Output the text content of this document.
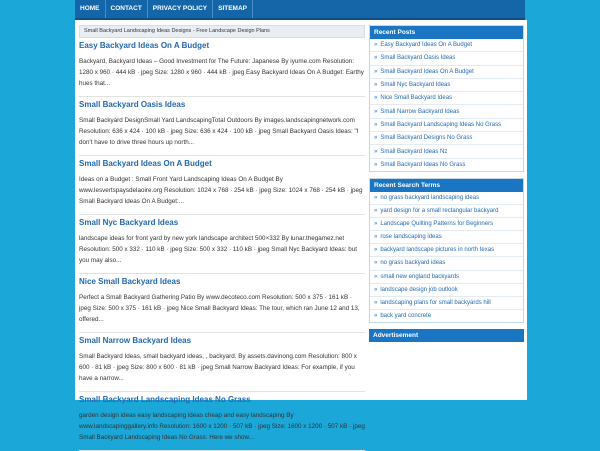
HOME	CONTACT	PRIVACY POLICY	SITEMAP
Small Backyard Landscaping Ideas Designs - Free Landscape Design Plans
Easy Backyard Ideas On A Budget

Backyard, Backyard Ideas – Good Investment for The Future: Japanese By iyume.com Resolution: 1280 x 960 · 444 kB · jpeg Size: 1280 x 960 · 444 kB · jpeg Easy Backyard Ideas On A Budget: Earthy hues that...

Small Backyard Oasis Ideas

Small Backyard DesignSmall Yard LandscapingTotal Outdoors By images.landscapingnetwork.com Resolution: 636 x 424 · 100 kB · jpeg Size: 636 x 424 · 100 kB · jpeg Small Backyard Oasis Ideas: "I don't have to drive three hours up north...

Small Backyard Ideas On A Budget

Ideas on a Budget : Small Front Yard Landscaping Ideas On A Budget By www.lesvertspaysdelaoire.org Resolution: 1024 x 768 · 254 kB · jpeg Size: 1024 x 768 · 254 kB · jpeg Small Backyard Ideas On A Budget:...

Small Nyc Backyard Ideas

landscape ideas for front yard by new york landscape architect 500×332 By lunar.thegamez.net Resolution: 500 x 332 · 110 kB · jpeg Size: 500 x 332 · 110 kB · jpeg Small Nyc Backyard Ideas: but you may also...

Nice Small Backyard Ideas

Perfect a Small Backyard Gathering Patio By www.decoteco.com Resolution: 500 x 375 · 161 kB · jpeg Size: 500 x 375 · 161 kB · jpeg Nice Small Backyard Ideas: The tour, which ran June 12 and 13, offered...

Small Narrow Backyard Ideas

Small Backyard Ideas, small backyard ideas, , backyard. By assets.davinong.com Resolution: 800 x 600 · 81 kB · jpeg Size: 800 x 600 · 81 kB · jpeg Small Narrow Backyard Ideas: For example, if you have a narrow...

Small Backyard Landscaping Ideas No Grass

garden design ideas easy landscaping ideas cheap and easy landscaping By www.landscapinggallery.info Resolution: 1600 x 1200 · 507 kB · jpeg Size: 1600 x 1200 · 507 kB · jpeg Small Backyard Landscaping Ideas No Grass: Here we show...

Recent Posts
» Easy Backyard Ideas On A Budget
» Small Backyard Oasis Ideas
» Small Backyard Ideas On A Budget
» Small Nyc Backyard Ideas
» Nice Small Backyard Ideas
» Small Narrow Backyard Ideas
» Small Backyard Landscaping Ideas No Grass
» Small Backyard Designs No Grass
» Small Backyard Ideas Nz
» Small Backyard Ideas No Grass
Recent Search Terms
» no grass backyard landscaping ideas
» yard design for a small rectangular backyard
» Landscape Quilting Patterns for Beginners
» rose landscaping ideas
» backyard landscape pictures in north texas
» no grass backyard ideas
» small new england backyards
» landscape design job outlook
» landscaping plans for small backyards hill
» back yard concrete
Advertisement
